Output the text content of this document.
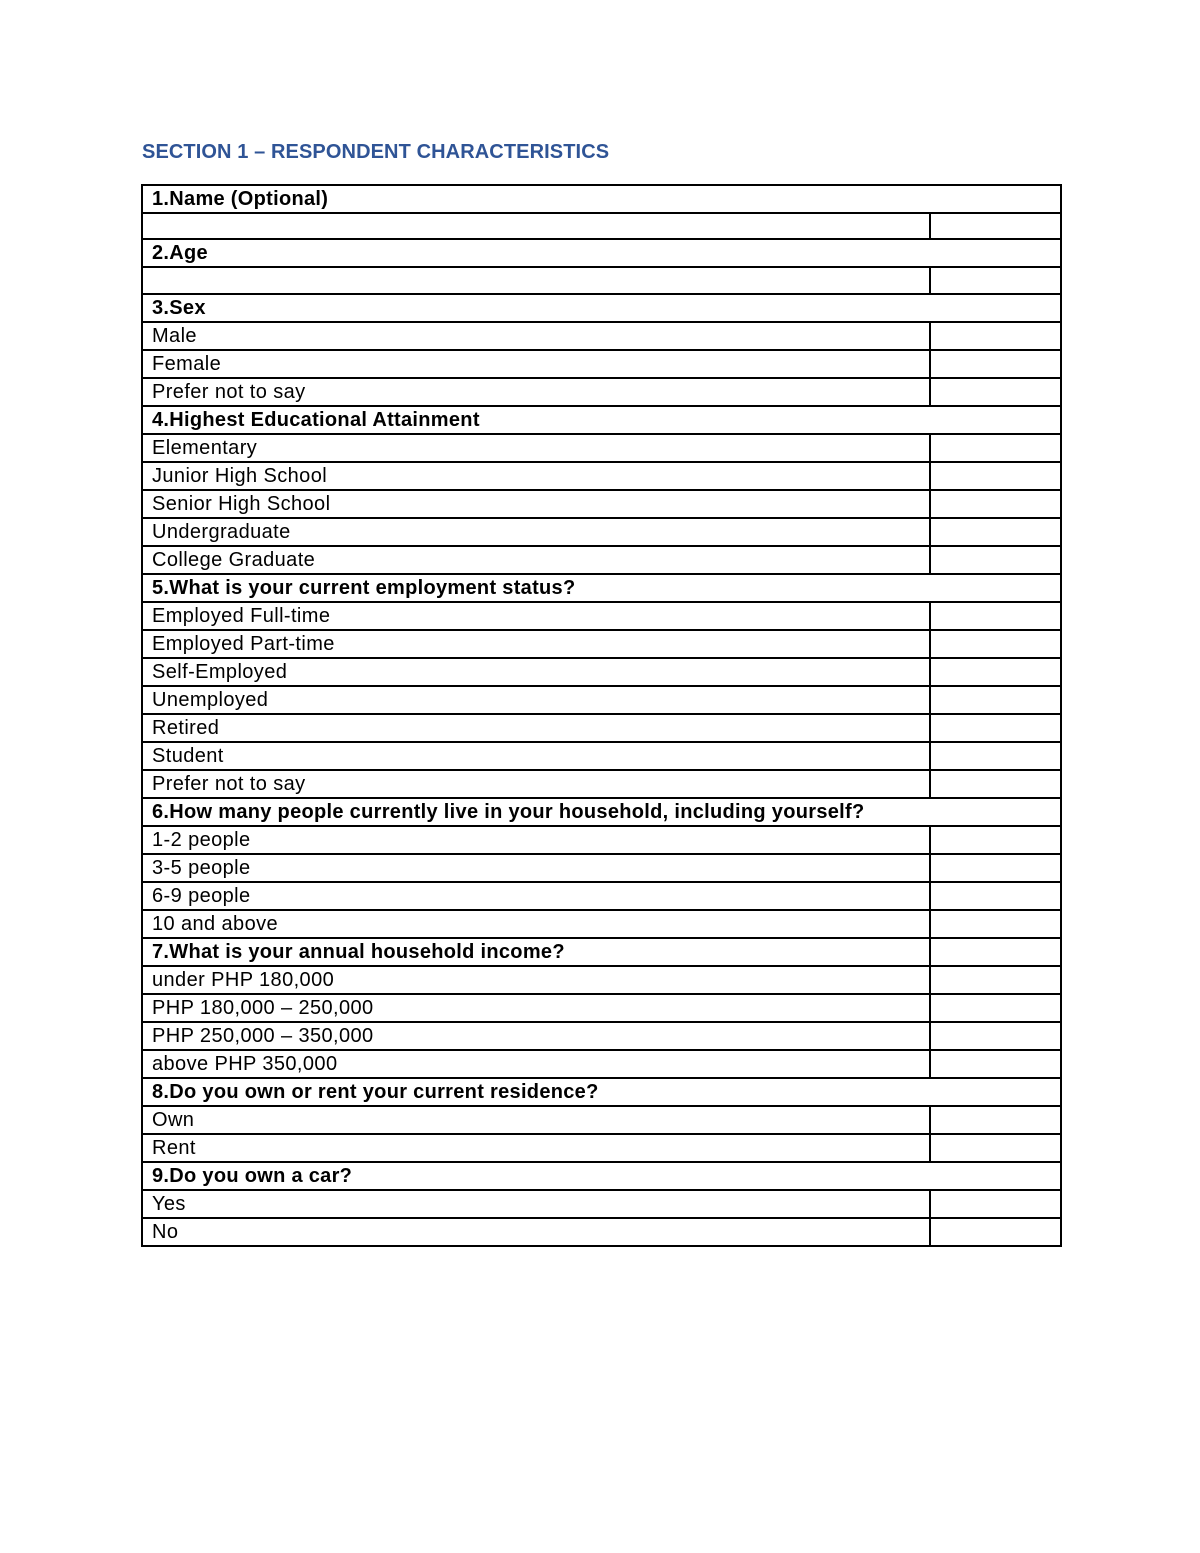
SECTION 1 – RESPONDENT CHARACTERISTICS
1.Name (Optional)	

2.Age	

3.Sex	
Male	
Female	
Prefer not to say	
4.Highest Educational Attainment	
Elementary	
Junior High School	
Senior High School	
Undergraduate	
College Graduate	
5.What is your current employment status?	
Employed Full-time	
Employed Part-time	
Self-Employed	
Unemployed	
Retired	
Student	
Prefer not to say	
6.How many people currently live in your household, including yourself?	
1-2 people	
3-5 people	
6-9 people	
10 and above	
7.What is your annual household income?	
under PHP 180,000	
PHP 180,000 – 250,000	
PHP 250,000 – 350,000	
above PHP 350,000	
8.Do you own or rent your current residence?	
Own	
Rent	
9.Do you own a car?	
Yes	
No	
